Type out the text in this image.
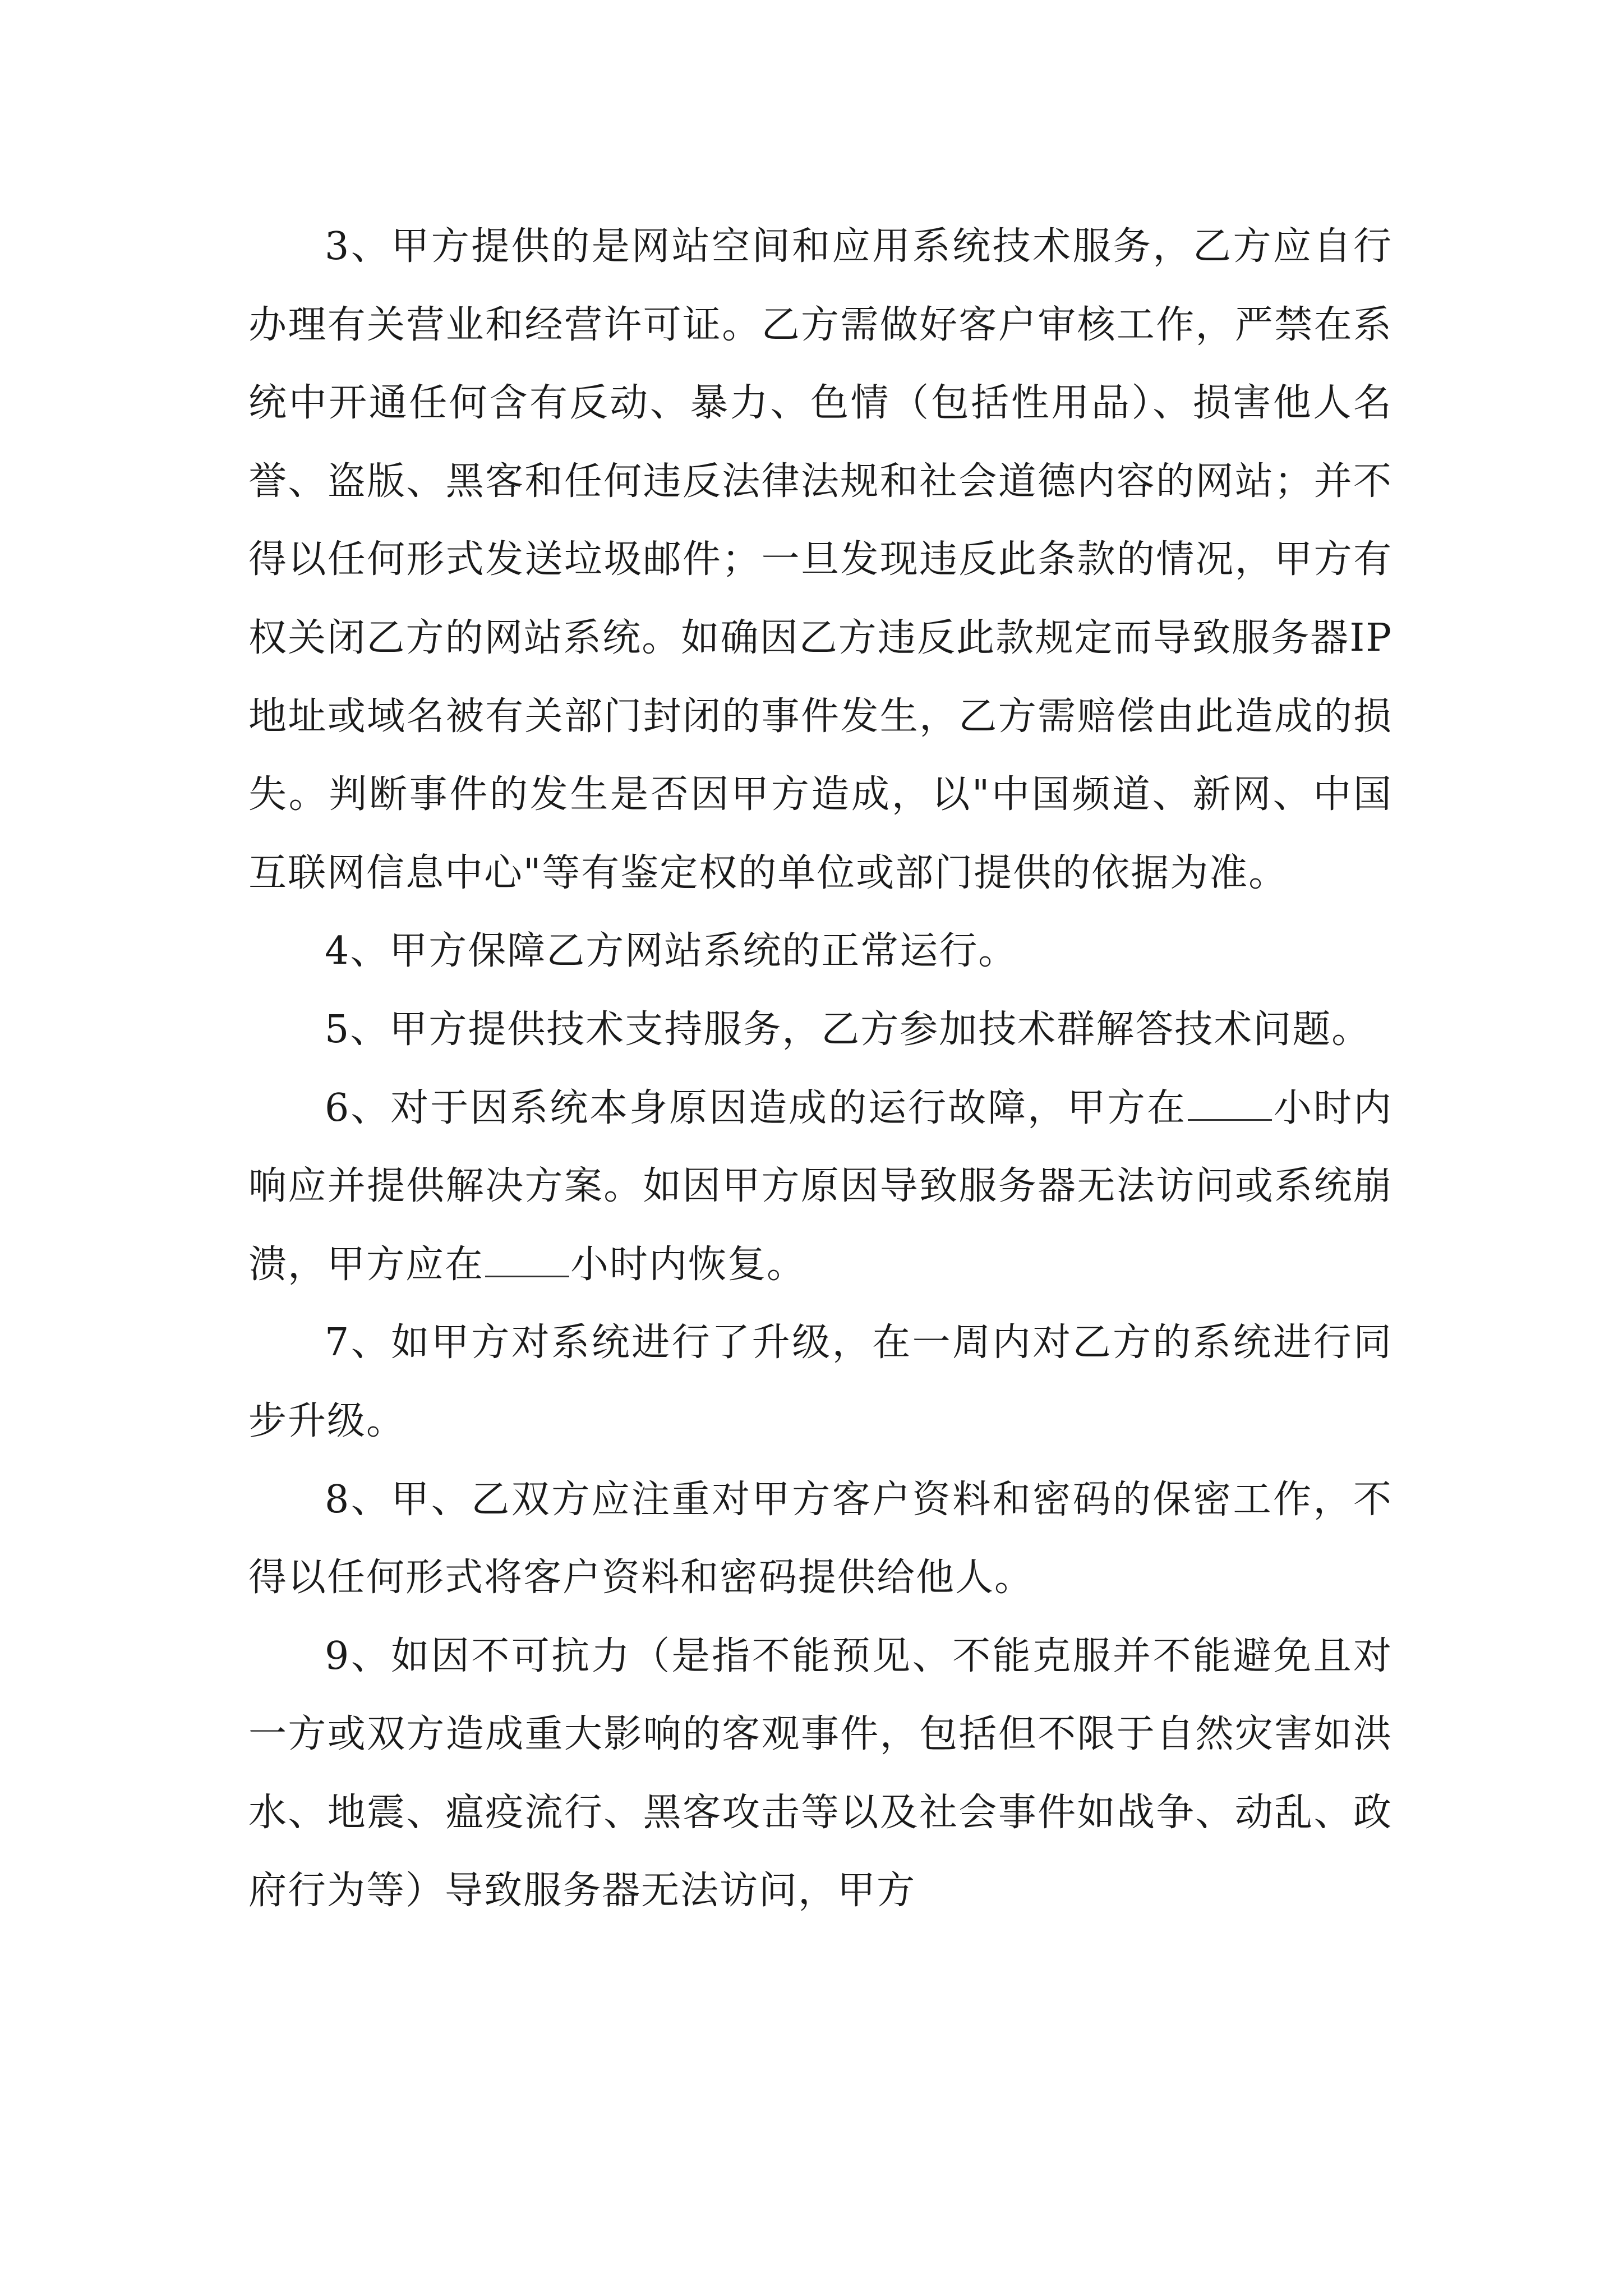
3、甲方提供的是网站空间和应用系统技术服务，乙方应自行办理有关营业和经营许可证。乙方需做好客户审核工作，严禁在系统中开通任何含有反动、暴力、色情（包括性用品）、损害他人名誉、盗版、黑客和任何违反法律法规和社会道德内容的网站；并不得以任何形式发送垃圾邮件；一旦发现违反此条款的情况，甲方有权关闭乙方的网站系统。如确因乙方违反此款规定而导致服务器IP地址或域名被有关部门封闭的事件发生，乙方需赔偿由此造成的损失。判断事件的发生是否因甲方造成，以"中国频道、新网、中国互联网信息中心"等有鉴定权的单位或部门提供的依据为准。

4、甲方保障乙方网站系统的正常运行。

5、甲方提供技术支持服务，乙方参加技术群解答技术问题。

6、对于因系统本身原因造成的运行故障，甲方在 小时内响应并提供解决方案。如因甲方原因导致服务器无法访问或系统崩溃，甲方应在 小时内恢复。

7、如甲方对系统进行了升级，在一周内对乙方的系统进行同步升级。

8、甲、乙双方应注重对甲方客户资料和密码的保密工作，不得以任何形式将客户资料和密码提供给他人。

9、如因不可抗力（是指不能预见、不能克服并不能避免且对一方或双方造成重大影响的客观事件，包括但不限于自然灾害如洪水、地震、瘟疫流行、黑客攻击等以及社会事件如战争、动乱、政府行为等）导致服务器无法访问，甲方
